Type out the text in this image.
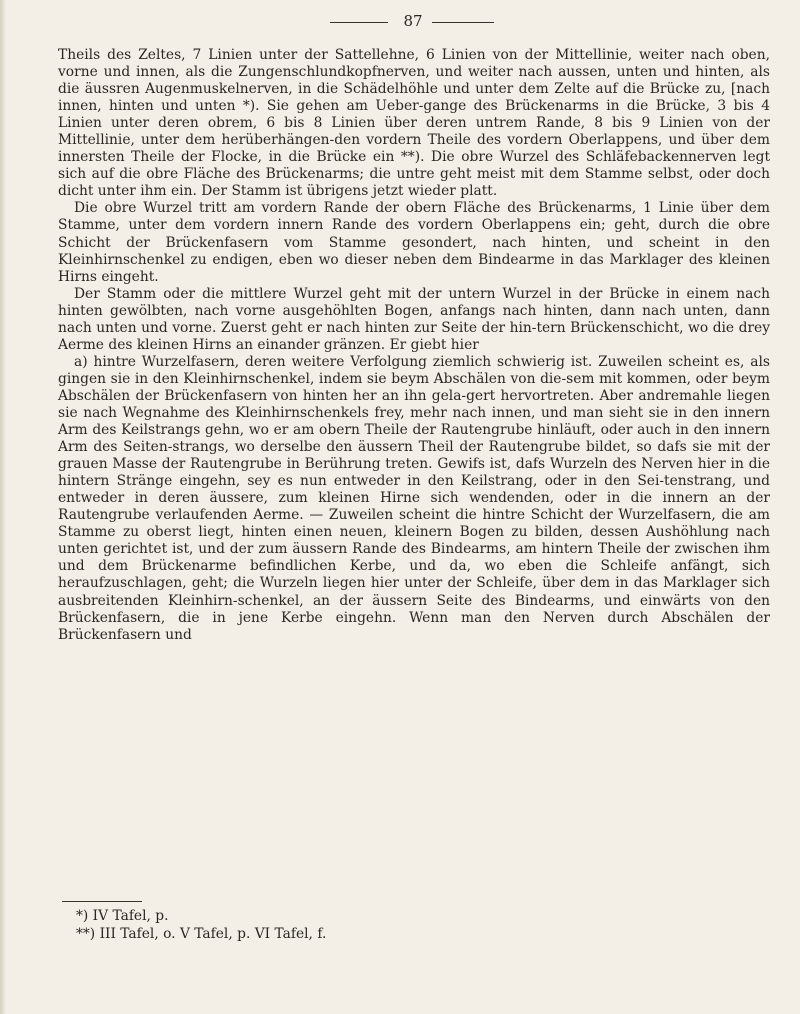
87

Theils des Zeltes, 7 Linien unter der Sattellehne, 6 Linien von der Mittellinie, weiter nach oben, vorne und innen, als die Zungenschlundkopfnerven, und weiter nach aussen, unten und hinten, als die äussren Augenmuskelnerven, in die Schädelhöhle und unter dem Zelte auf die Brücke zu, [nach innen, hinten und unten *). Sie gehen am Ueber-gange des Brückenarms in die Brücke, 3 bis 4 Linien unter deren obrem, 6 bis 8 Linien über deren untrem Rande, 8 bis 9 Linien von der Mittellinie, unter dem herüberhängen-den vordern Theile des vordern Oberlappens, und über dem innersten Theile der Flocke, in die Brücke ein **). Die obre Wurzel des Schläfebackennerven legt sich auf die obre Fläche des Brückenarms; die untre geht meist mit dem Stamme selbst, oder doch dicht unter ihm ein. Der Stamm ist übrigens jetzt wieder platt.

Die obre Wurzel tritt am vordern Rande der obern Fläche des Brückenarms, 1 Linie über dem Stamme, unter dem vordern innern Rande des vordern Oberlappens ein; geht, durch die obre Schicht der Brückenfasern vom Stamme gesondert, nach hinten, und scheint in den Kleinhirnschenkel zu endigen, eben wo dieser neben dem Bindearme in das Marklager des kleinen Hirns eingeht.

Der Stamm oder die mittlere Wurzel geht mit der untern Wurzel in der Brücke in einem nach hinten gewölbten, nach vorne ausgehöhlten Bogen, anfangs nach hinten, dann nach unten, dann nach unten und vorne. Zuerst geht er nach hinten zur Seite der hin-tern Brückenschicht, wo die drey Aerme des kleinen Hirns an einander gränzen. Er giebt hier

a) hintre Wurzelfasern, deren weitere Verfolgung ziemlich schwierig ist. Zuweilen scheint es, als gingen sie in den Kleinhirnschenkel, indem sie beym Abschälen von die-sem mit kommen, oder beym Abschälen der Brückenfasern von hinten her an ihn gela-gert hervortreten. Aber andremahle liegen sie nach Wegnahme des Kleinhirnschenkels frey, mehr nach innen, und man sieht sie in den innern Arm des Keilstrangs gehn, wo er am obern Theile der Rautengrube hinläuft, oder auch in den innern Arm des Seiten-strangs, wo derselbe den äussern Theil der Rautengrube bildet, so dafs sie mit der grauen Masse der Rautengrube in Berührung treten. Gewifs ist, dafs Wurzeln des Nerven hier in die hintern Stränge eingehn, sey es nun entweder in den Keilstrang, oder in den Sei-tenstrang, und entweder in deren äussere, zum kleinen Hirne sich wendenden, oder in die innern an der Rautengrube verlaufenden Aerme. — Zuweilen scheint die hintre Schicht der Wurzelfasern, die am Stamme zu oberst liegt, hinten einen neuen, kleinern Bogen zu bilden, dessen Aushöhlung nach unten gerichtet ist, und der zum äussern Rande des Bindearms, am hintern Theile der zwischen ihm und dem Brückenarme befindlichen Kerbe, und da, wo eben die Schleife anfängt, sich heraufzuschlagen, geht; die Wurzeln liegen hier unter der Schleife, über dem in das Marklager sich ausbreitenden Kleinhirn-schenkel, an der äussern Seite des Bindearms, und einwärts von den Brückenfasern, die in jene Kerbe eingehn. Wenn man den Nerven durch Abschälen der Brückenfasern und

*) IV Tafel, p.

**) III Tafel, o. V Tafel, p. VI Tafel, f.
